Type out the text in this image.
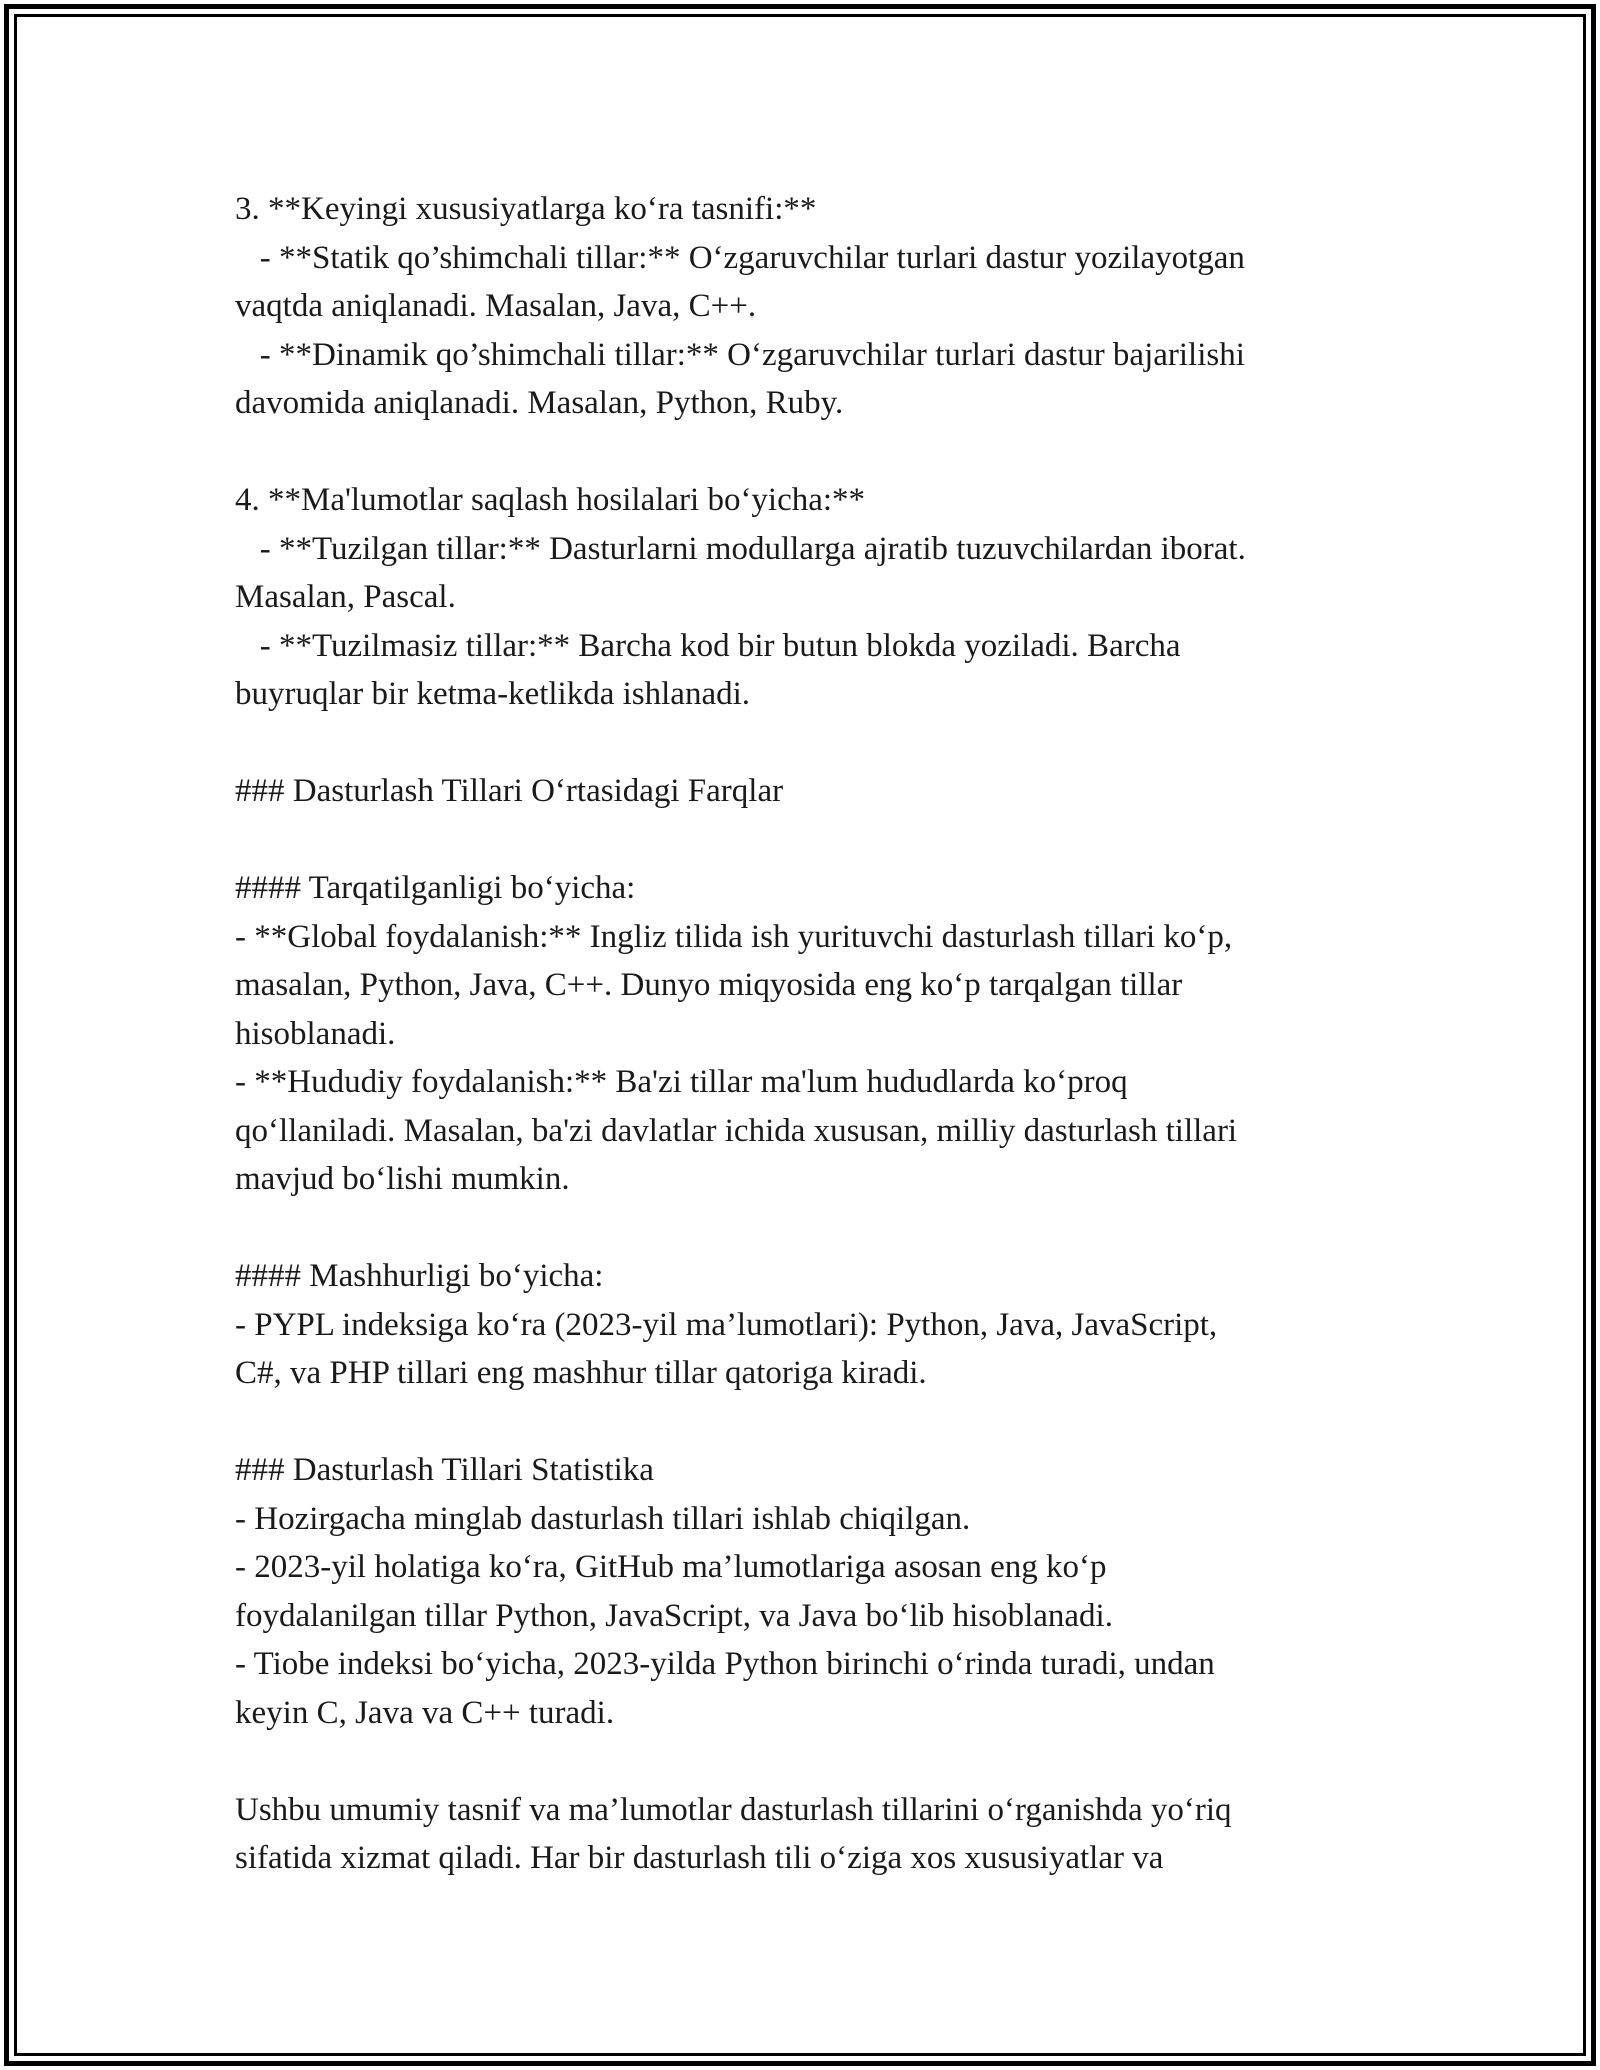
3. **Keyingi xususiyatlarga ko‘ra tasnifi:**
- **Statik qo’shimchali tillar:** O‘zgaruvchilar turlari dastur yozilayotgan
vaqtda aniqlanadi. Masalan, Java, C++.
- **Dinamik qo’shimchali tillar:** O‘zgaruvchilar turlari dastur bajarilishi
davomida aniqlanadi. Masalan, Python, Ruby.
4. **Ma'lumotlar saqlash hosilalari bo‘yicha:**
- **Tuzilgan tillar:** Dasturlarni modullarga ajratib tuzuvchilardan iborat.
Masalan, Pascal.
- **Tuzilmasiz tillar:** Barcha kod bir butun blokda yoziladi. Barcha
buyruqlar bir ketma-ketlikda ishlanadi.
### Dasturlash Tillari O‘rtasidagi Farqlar
#### Tarqatilganligi bo‘yicha:
- **Global foydalanish:** Ingliz tilida ish yurituvchi dasturlash tillari ko‘p,
masalan, Python, Java, C++. Dunyo miqyosida eng ko‘p tarqalgan tillar
hisoblanadi.
- **Hududiy foydalanish:** Ba'zi tillar ma'lum hududlarda ko‘proq
qo‘llaniladi. Masalan, ba'zi davlatlar ichida xususan, milliy dasturlash tillari
mavjud bo‘lishi mumkin.
#### Mashhurligi bo‘yicha:
- PYPL indeksiga ko‘ra (2023-yil ma’lumotlari): Python, Java, JavaScript,
C#, va PHP tillari eng mashhur tillar qatoriga kiradi.
### Dasturlash Tillari Statistika
- Hozirgacha minglab dasturlash tillari ishlab chiqilgan.
- 2023-yil holatiga ko‘ra, GitHub ma’lumotlariga asosan eng ko‘p
foydalanilgan tillar Python, JavaScript, va Java bo‘lib hisoblanadi.
- Tiobe indeksi bo‘yicha, 2023-yilda Python birinchi o‘rinda turadi, undan
keyin C, Java va C++ turadi.
Ushbu umumiy tasnif va ma’lumotlar dasturlash tillarini o‘rganishda yo‘riq
sifatida xizmat qiladi. Har bir dasturlash tili o‘ziga xos xususiyatlar va
